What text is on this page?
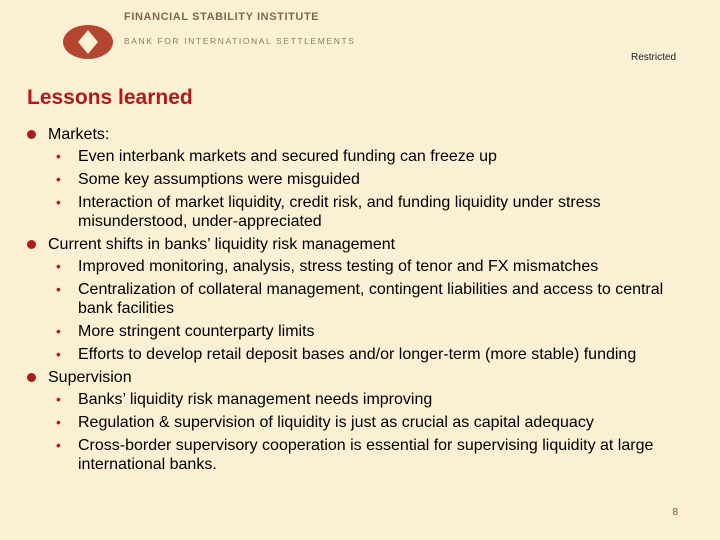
FINANCIAL STABILITY INSTITUTE
BANK FOR INTERNATIONAL SETTLEMENTS
Restricted
Lessons learned
Markets:
• Even interbank markets and secured funding can freeze up
• Some key assumptions were misguided
• Interaction of market liquidity, credit risk, and funding liquidity under stress misunderstood, under-appreciated
Current shifts in banks’ liquidity risk management
• Improved monitoring, analysis, stress testing of tenor and FX mismatches
• Centralization of collateral management, contingent liabilities and access to central bank facilities
• More stringent counterparty limits
• Efforts to develop retail deposit bases and/or longer-term (more stable) funding
Supervision
• Banks’ liquidity risk management needs improving
• Regulation & supervision of liquidity is just as crucial as capital adequacy
• Cross-border supervisory cooperation is essential for supervising liquidity at large international banks.
8
